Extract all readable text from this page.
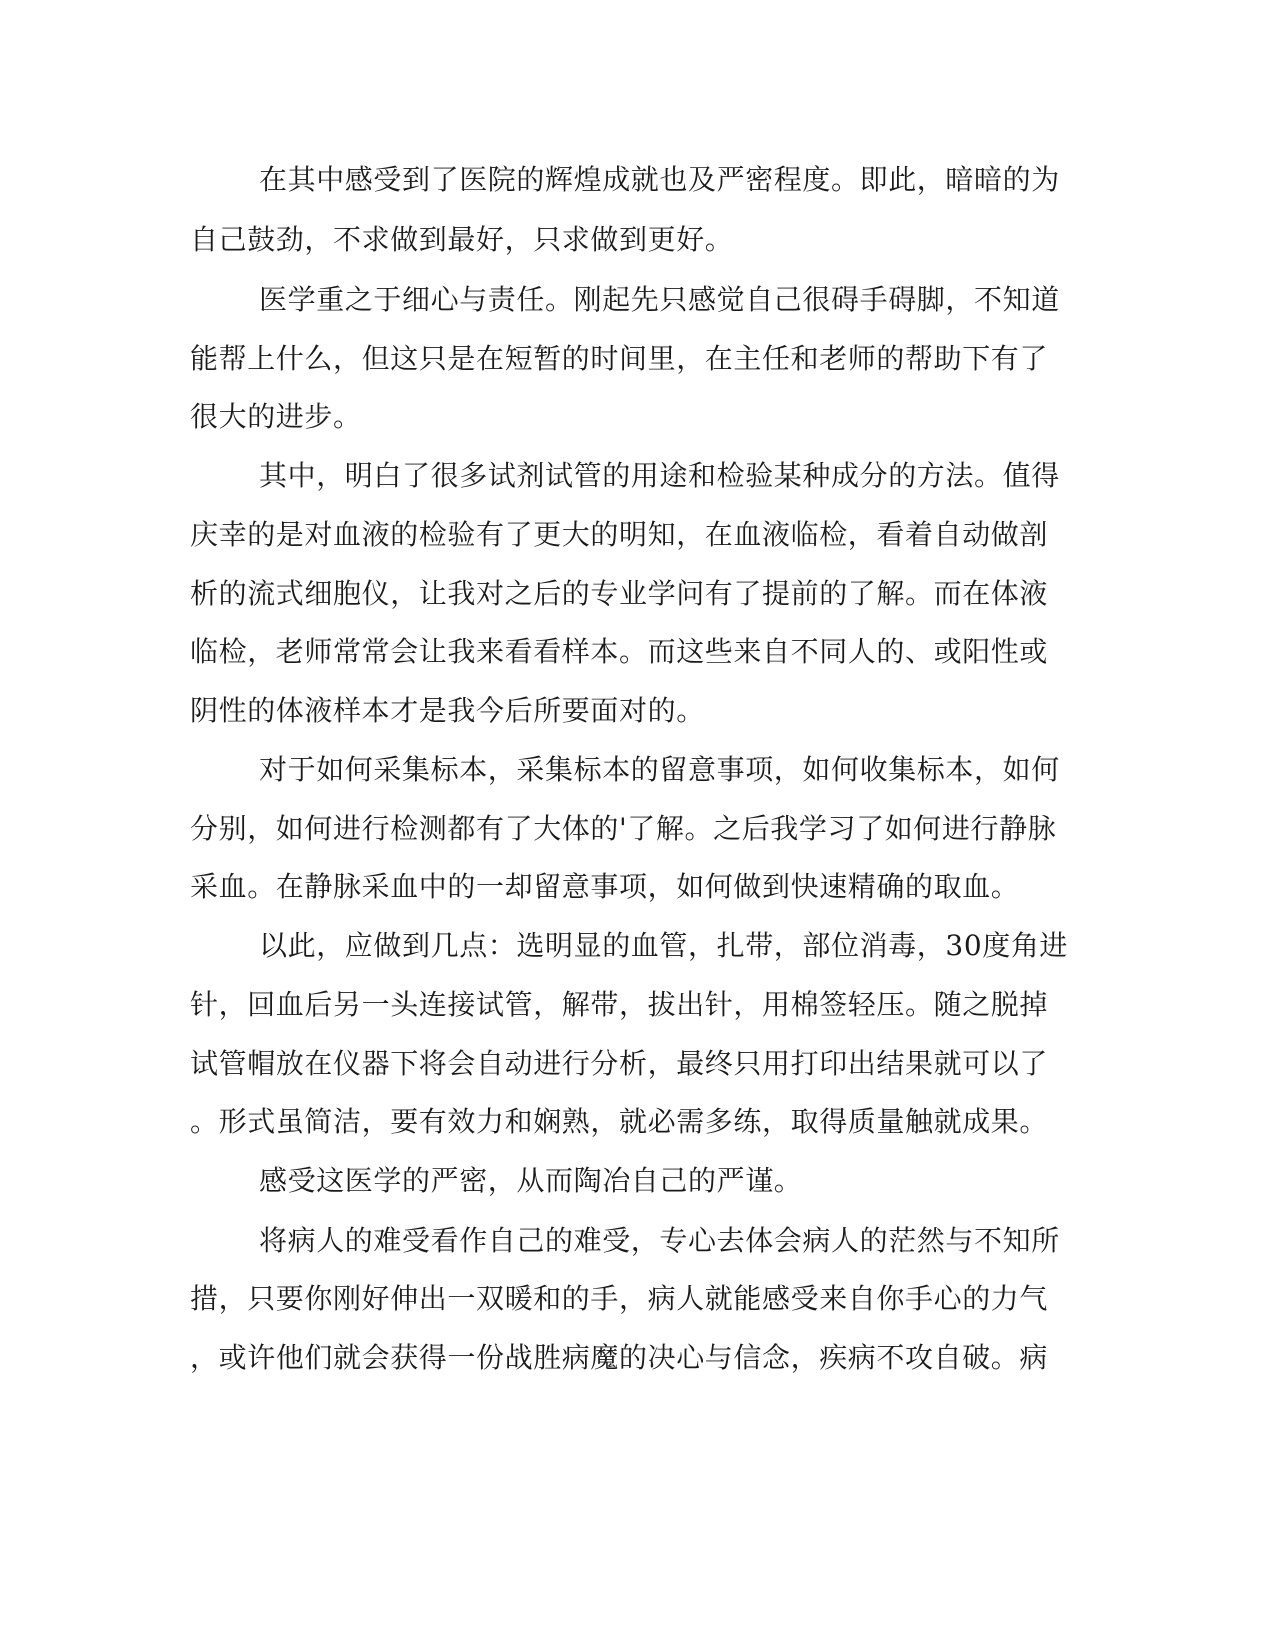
在其中感受到了医院的辉煌成就也及严密程度。即此，暗暗的为
自己鼓劲，不求做到最好，只求做到更好。
医学重之于细心与责任。刚起先只感觉自己很碍手碍脚，不知道
能帮上什么，但这只是在短暂的时间里，在主任和老师的帮助下有了
很大的进步。
其中，明白了很多试剂试管的用途和检验某种成分的方法。值得
庆幸的是对血液的检验有了更大的明知，在血液临检，看着自动做剖
析的流式细胞仪，让我对之后的专业学问有了提前的了解。而在体液
临检，老师常常会让我来看看样本。而这些来自不同人的、或阳性或
阴性的体液样本才是我今后所要面对的。
对于如何采集标本，采集标本的留意事项，如何收集标本，如何
分别，如何进行检测都有了大体的'了解。之后我学习了如何进行静脉
采血。在静脉采血中的一却留意事项，如何做到快速精确的取血。
以此，应做到几点：选明显的血管，扎带，部位消毒，30度角进
针，回血后另一头连接试管，解带，拔出针，用棉签轻压。随之脱掉
试管帽放在仪器下将会自动进行分析，最终只用打印出结果就可以了
。形式虽简洁，要有效力和娴熟，就必需多练，取得质量触就成果。
感受这医学的严密，从而陶冶自己的严谨。
将病人的难受看作自己的难受，专心去体会病人的茫然与不知所
措，只要你刚好伸出一双暖和的手，病人就能感受来自你手心的力气
，或许他们就会获得一份战胜病魔的决心与信念，疾病不攻自破。病
